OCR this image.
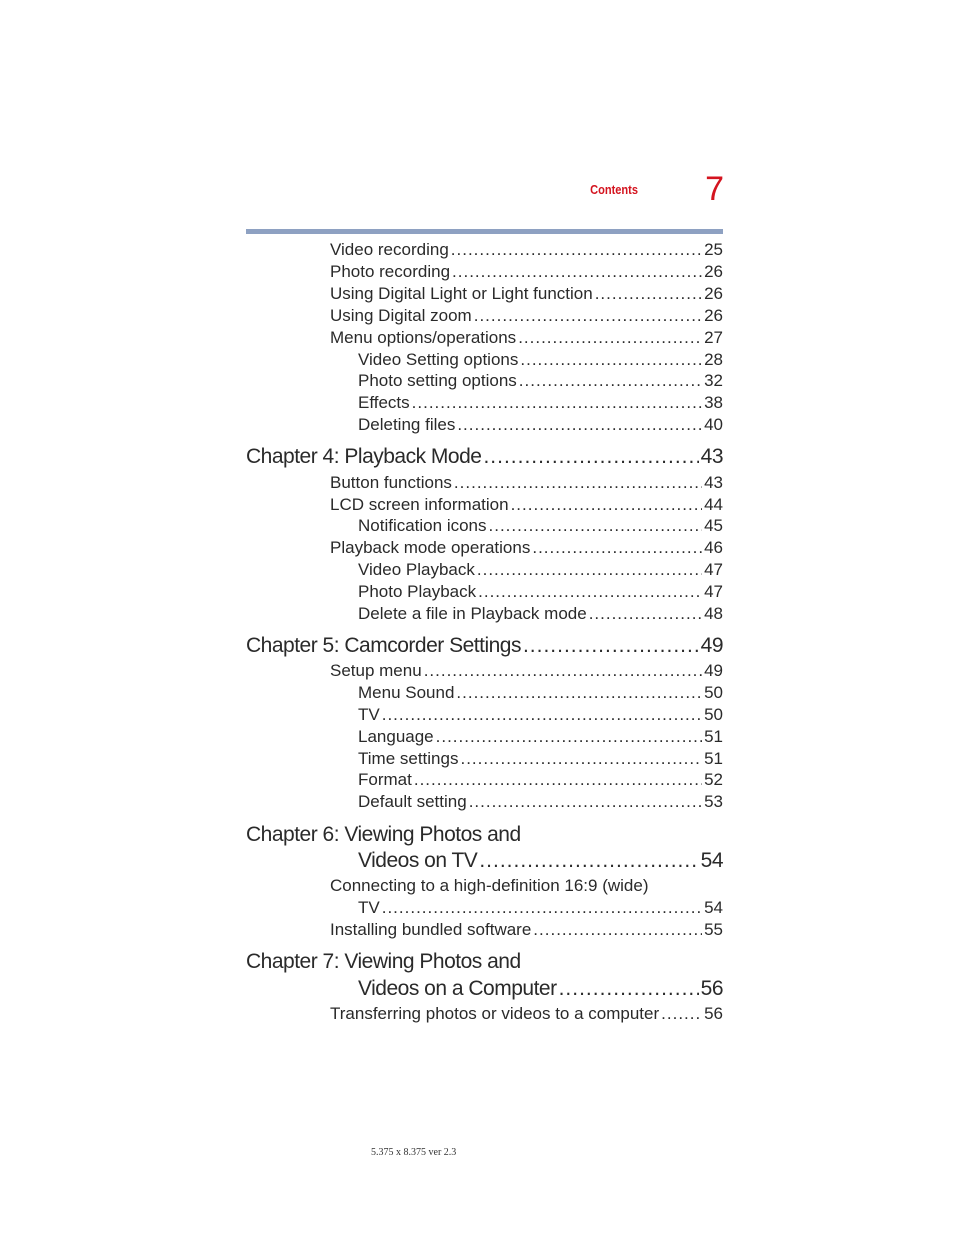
Contents	7
Video recording .....	25
Photo recording .....	26
Using Digital Light or Light function .....	26
Using Digital zoom .....	26
Menu options/operations .....	27
Video Setting options .....	28
Photo setting options .....	32
Effects .....	38
Deleting files .....	40
Chapter 4: Playback Mode .....	43
Button functions .....	43
LCD screen information .....	44
Notification icons .....	45
Playback mode operations .....	46
Video Playback .....	47
Photo Playback .....	47
Delete a file in Playback mode .....	48
Chapter 5: Camcorder Settings .....	49
Setup menu .....	49
Menu Sound .....	50
TV .....	50
Language .....	51
Time settings .....	51
Format .....	52
Default setting .....	53
Chapter 6: Viewing Photos and
Videos on TV .....	54
Connecting to a high-definition 16:9 (wide)
TV .....	54
Installing bundled software .....	55
Chapter 7: Viewing Photos and
Videos on a Computer .....	56
Transferring photos or videos to a computer .....	56
5.375 x 8.375 ver 2.3
